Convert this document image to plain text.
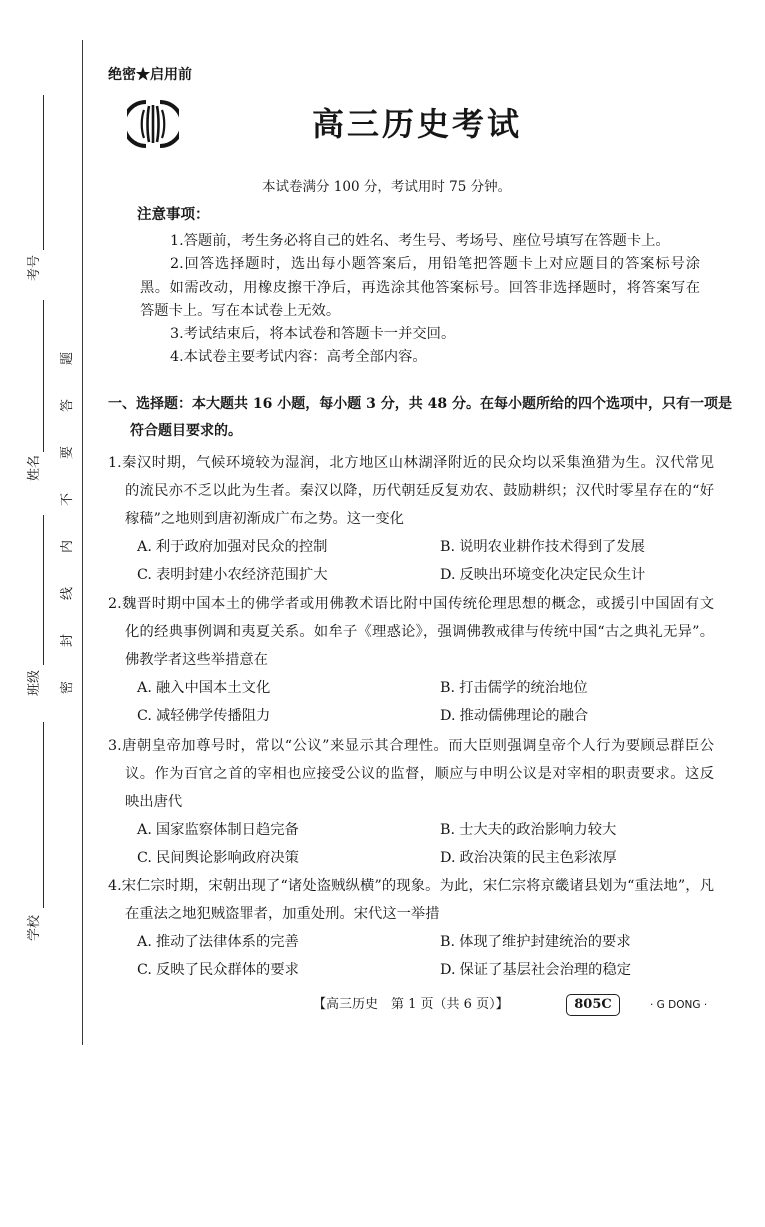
考号
姓名
班级
学校
密封线内不要答题
绝密★启用前
高三历史考试
本试卷满分 100 分，考试用时 75 分钟。
注意事项：
1.答题前，考生务必将自己的姓名、考生号、考场号、座位号填写在答题卡上。
2.回答选择题时，选出每小题答案后，用铅笔把答题卡上对应题目的答案标号涂
黑。如需改动，用橡皮擦干净后，再选涂其他答案标号。回答非选择题时，将答案写在
答题卡上。写在本试卷上无效。
3.考试结束后，将本试卷和答题卡一并交回。
4.本试卷主要考试内容：高考全部内容。
一、选择题：本大题共 16 小题，每小题 3 分，共 48 分。在每小题所给的四个选项中，只有一项是
符合题目要求的。
1.秦汉时期，气候环境较为湿润，北方地区山林湖泽附近的民众均以采集渔猎为生。汉代常见
的流民亦不乏以此为生者。秦汉以降，历代朝廷反复劝农、鼓励耕织；汉代时零星存在的“好
稼穑”之地则到唐初渐成广布之势。这一变化
A. 利于政府加强对民众的控制	B. 说明农业耕作技术得到了发展
C. 表明封建小农经济范围扩大	D. 反映出环境变化决定民众生计
2.魏晋时期中国本土的佛学者或用佛教术语比附中国传统伦理思想的概念，或援引中国固有文
化的经典事例调和夷夏关系。如牟子《理惑论》，强调佛教戒律与传统中国“古之典礼无异”。
佛教学者这些举措意在
A. 融入中国本土文化	B. 打击儒学的统治地位
C. 减轻佛学传播阻力	D. 推动儒佛理论的融合
3.唐朝皇帝加尊号时，常以“公议”来显示其合理性。而大臣则强调皇帝个人行为要顾忌群臣公
议。作为百官之首的宰相也应接受公议的监督，顺应与申明公议是对宰相的职责要求。这反
映出唐代
A. 国家监察体制日趋完备	B. 士大夫的政治影响力较大
C. 民间舆论影响政府决策	D. 政治决策的民主色彩浓厚
4.宋仁宗时期，宋朝出现了“诸处盗贼纵横”的现象。为此，宋仁宗将京畿诸县划为“重法地”，凡
在重法之地犯贼盗罪者，加重处刑。宋代这一举措
A. 推动了法律体系的完善	B. 体现了维护封建统治的要求
C. 反映了民众群体的要求	D. 保证了基层社会治理的稳定
【高三历史　第 1 页（共 6 页）】	805C	· G DONG ·
